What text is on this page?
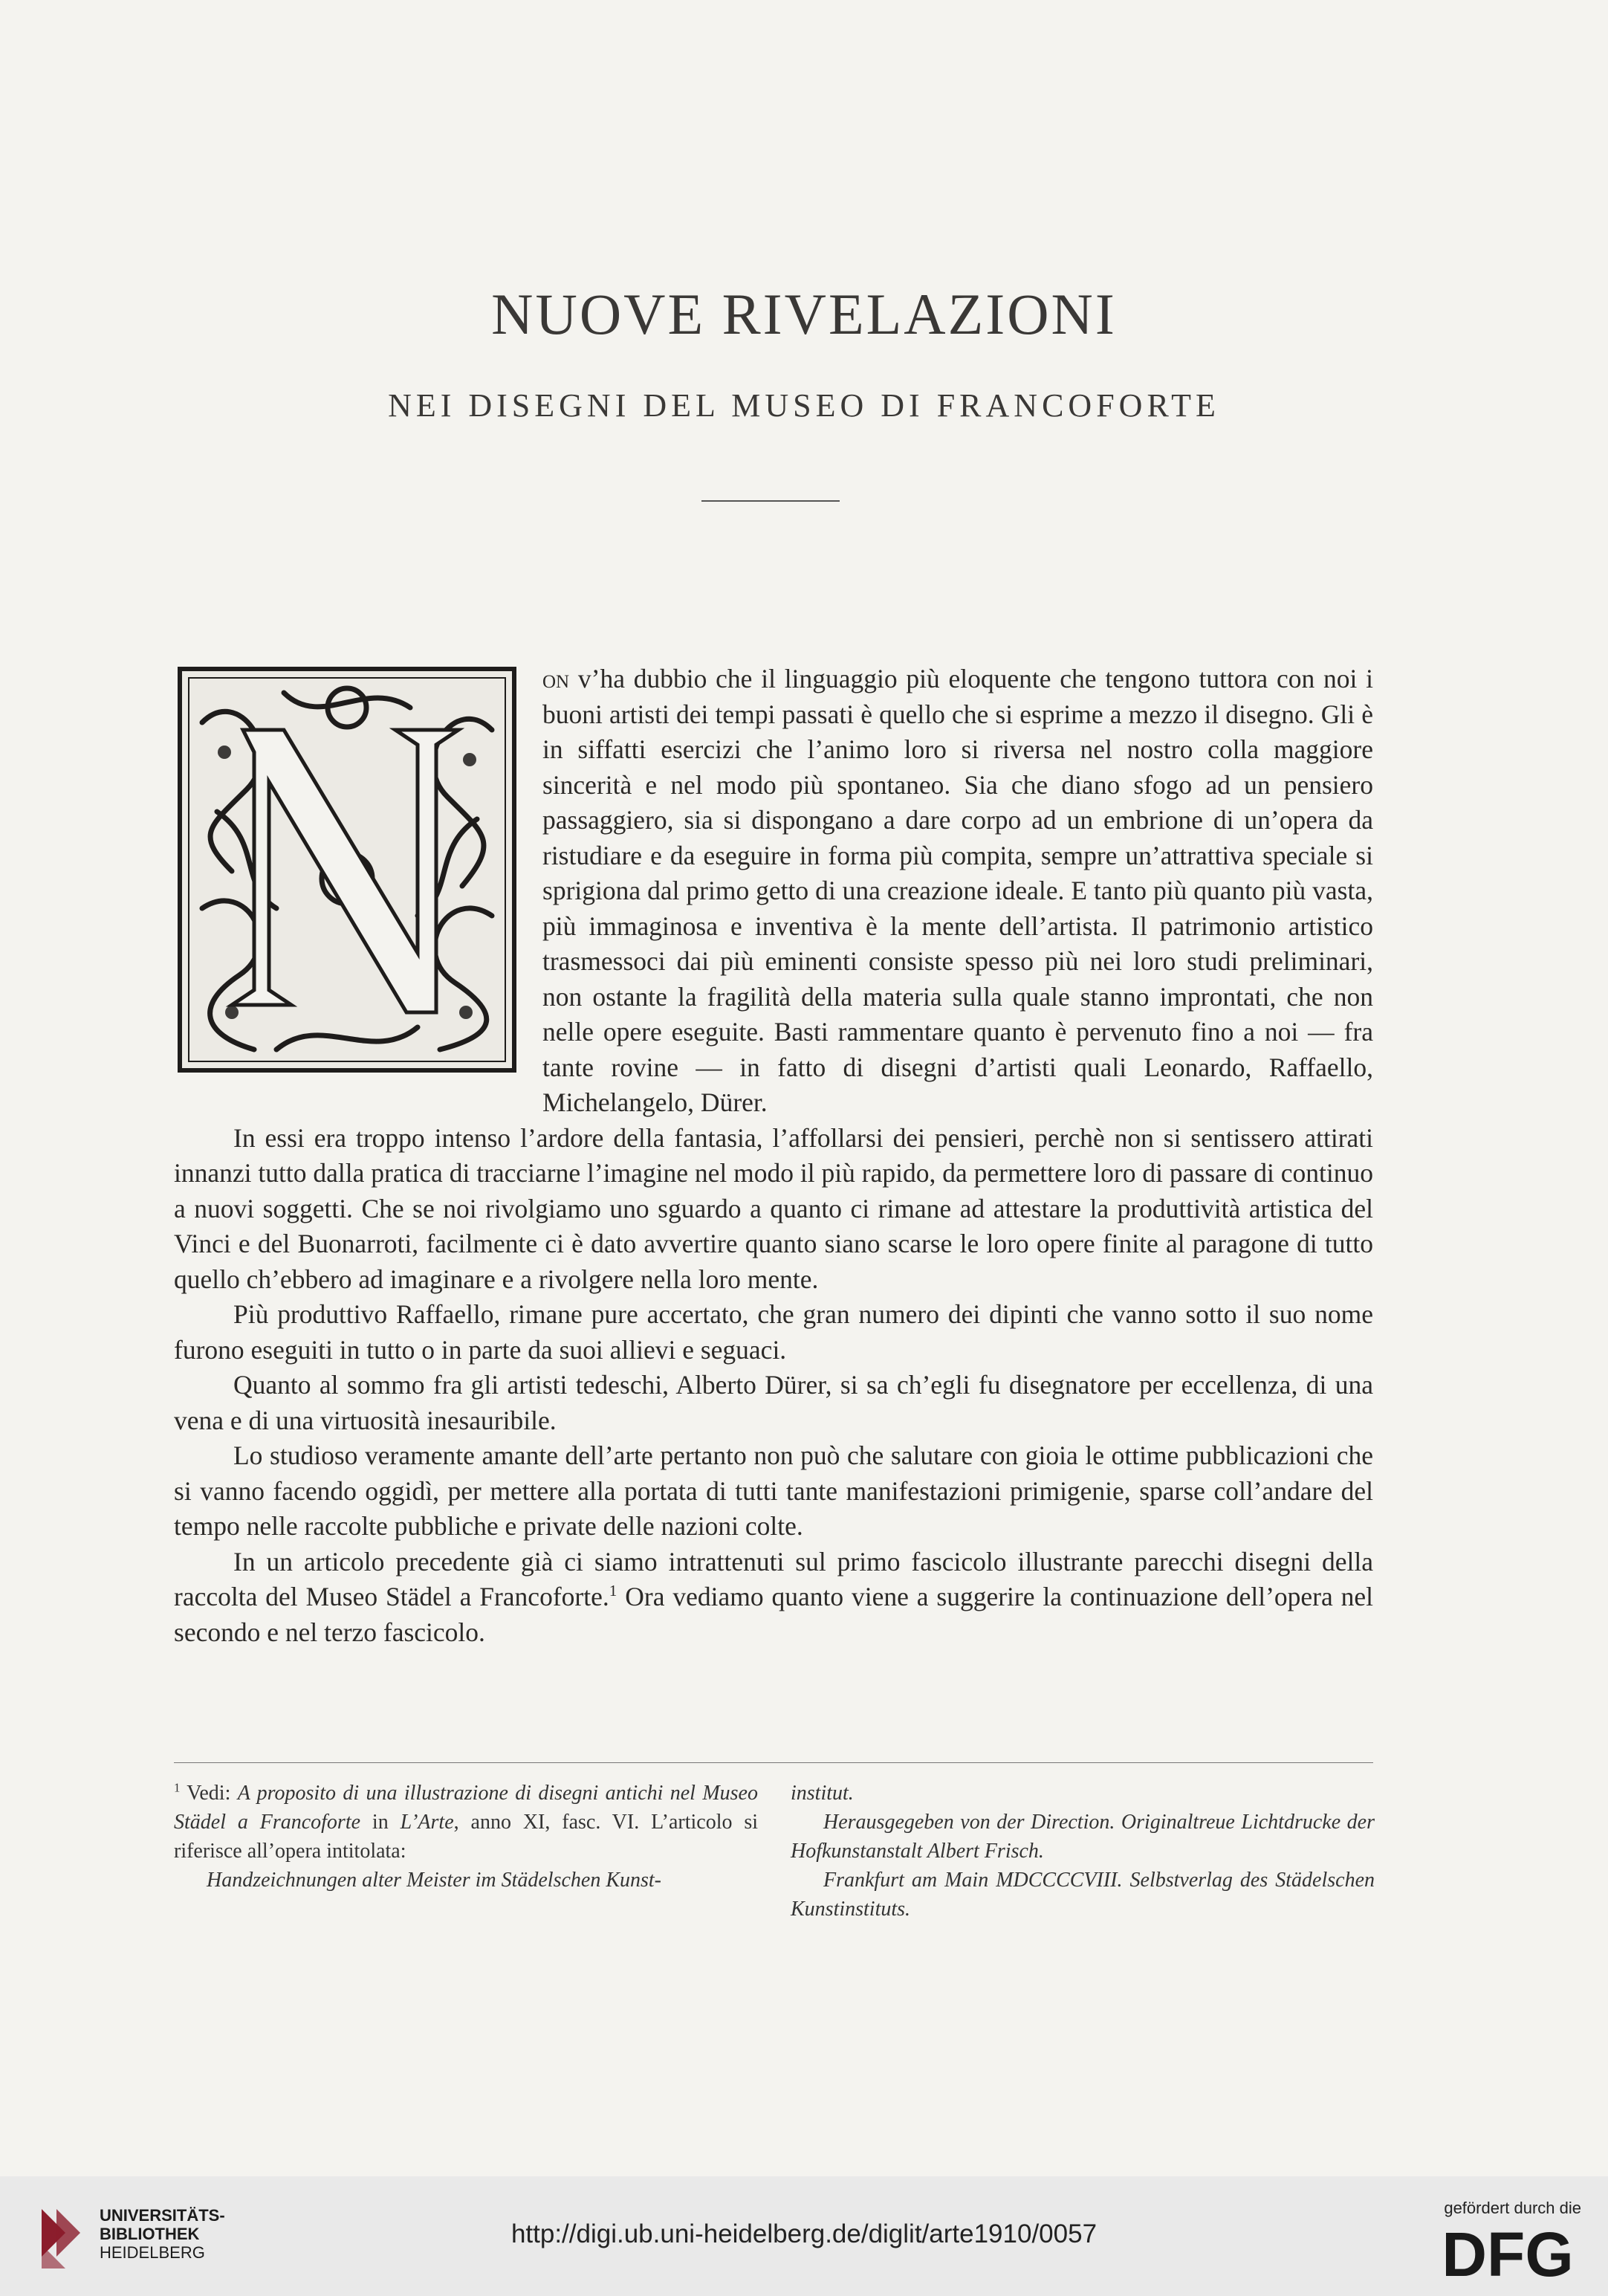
NUOVE RIVELAZIONI
NEI DISEGNI DEL MUSEO DI FRANCOFORTE

on v’ha dubbio che il linguaggio più eloquente che tengono tuttora con noi i buoni artisti dei tempi passati è quello che si esprime a mezzo il disegno. Gli è in siffatti esercizi che l’animo loro si riversa nel nostro colla maggiore sincerità e nel modo più spontaneo. Sia che diano sfogo ad un pensiero passaggiero, sia si dispongano a dare corpo ad un embrione di un’opera da ristudiare e da eseguire in forma più compita, sempre un’attrattiva speciale si sprigiona dal primo getto di una creazione ideale. E tanto più quanto più vasta, più immaginosa e inventiva è la mente dell’artista. Il patrimonio artistico trasmessoci dai più eminenti consiste spesso più nei loro studi preliminari, non ostante la fragilità della materia sulla quale stanno improntati, che non nelle opere eseguite. Basti rammentare quanto è pervenuto fino a noi — fra tante rovine — in fatto di disegni d’artisti quali Leonardo, Raffaello, Michelangelo, Dürer.

In essi era troppo intenso l’ardore della fantasia, l’affollarsi dei pensieri, perchè non si sentissero attirati innanzi tutto dalla pratica di tracciarne l’imagine nel modo il più rapido, da permettere loro di passare di continuo a nuovi soggetti. Che se noi rivolgiamo uno sguardo a quanto ci rimane ad attestare la produttività artistica del Vinci e del Buonarroti, facilmente ci è dato avvertire quanto siano scarse le loro opere finite al paragone di tutto quello ch’ebbero ad imaginare e a rivolgere nella loro mente.

Più produttivo Raffaello, rimane pure accertato, che gran numero dei dipinti che vanno sotto il suo nome furono eseguiti in tutto o in parte da suoi allievi e seguaci.

Quanto al sommo fra gli artisti tedeschi, Alberto Dürer, si sa ch’egli fu disegnatore per eccellenza, di una vena e di una virtuosità inesauribile.

Lo studioso veramente amante dell’arte pertanto non può che salutare con gioia le ottime pubblicazioni che si vanno facendo oggidì, per mettere alla portata di tutti tante manifestazioni primigenie, sparse coll’andare del tempo nelle raccolte pubbliche e private delle nazioni colte.

In un articolo precedente già ci siamo intrattenuti sul primo fascicolo illustrante parecchi disegni della raccolta del Museo Städel a Francoforte.$^1$ Ora vediamo quanto viene a suggerire la continuazione dell’opera nel secondo e nel terzo fascicolo.

$^1$ Vedi: A proposito di una illustrazione di disegni antichi nel Museo Städel a Francoforte in L’Arte, anno XI, fasc. VI. L’articolo si riferisce all’opera intitolata:

Handzeichnungen alter Meister im Städelschen Kunst-

institut.

Herausgegeben von der Direction. Originaltreue Lichtdrucke der Hofkunstanstalt Albert Frisch.

Frankfurt am Main MDCCCCVIII. Selbstverlag des Städelschen Kunstinstituts.

UNIVERSITÄTS-
BIBLIOTHEK
HEIDELBERG
http://digi.ub.uni-heidelberg.de/diglit/arte1910/0057
gefördert durch die
DFG
